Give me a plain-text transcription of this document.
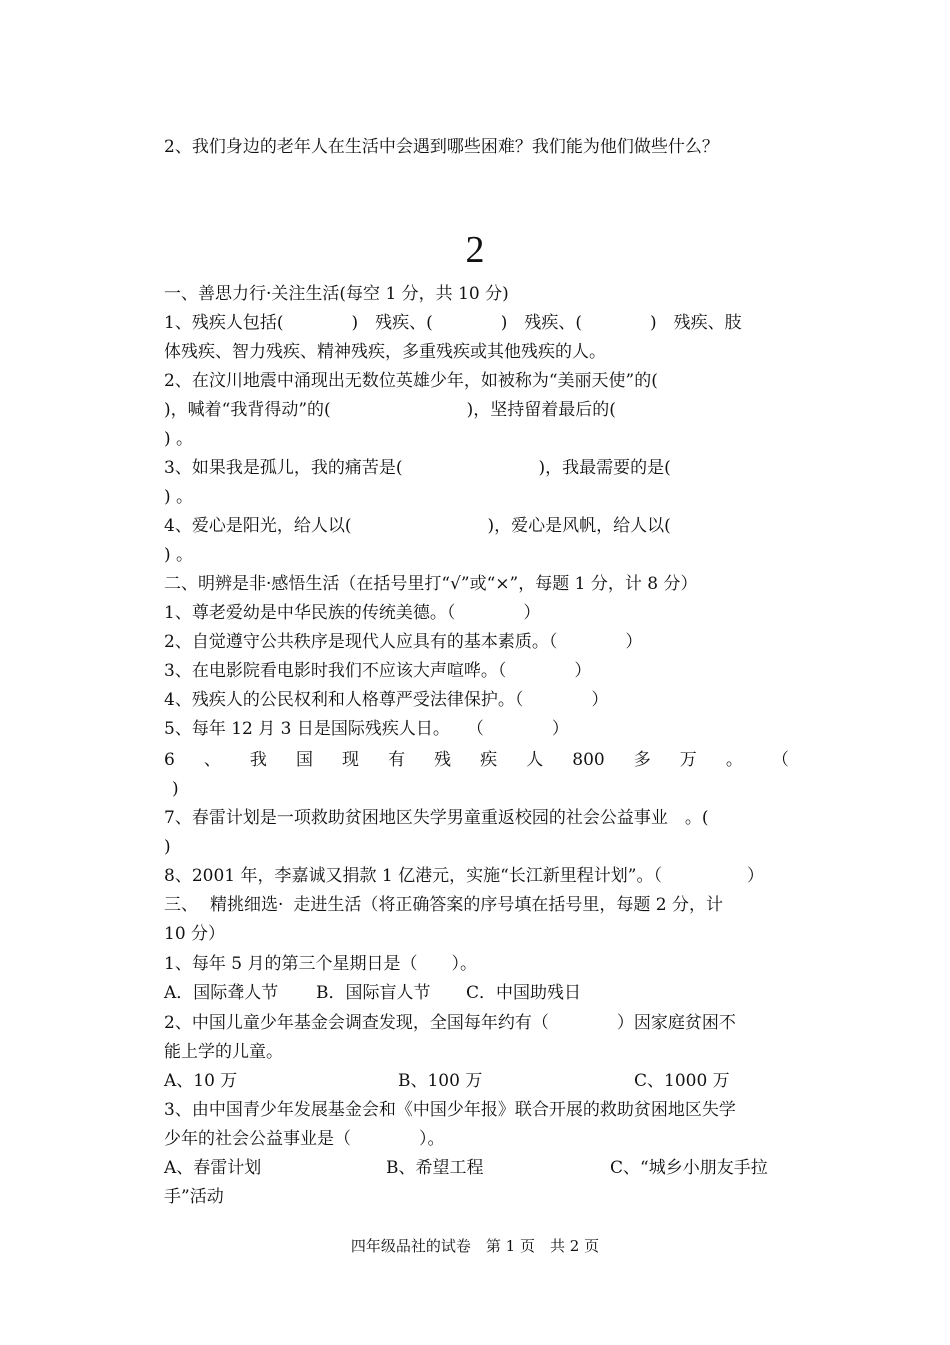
2、我们身边的老年人在生活中会遇到哪些困难？我们能为他们做些什么？
2
一、善思力行·关注生活(每空 1 分，共 10 分)
1、残疾人包括(　　　　)　残疾、(　　　　)　残疾、(　　　　)　残疾、肢
体残疾、智力残疾、精神残疾，多重残疾或其他残疾的人。
2、在汶川地震中涌现出无数位英雄少年，如被称为“美丽天使”的(
)，喊着“我背得动”的(　　　　　　　　)，坚持留着最后的(
) 。
3、如果我是孤儿，我的痛苦是(　　　　　　　　)，我最需要的是(
) 。
4、爱心是阳光，给人以(　　　　　　　　)，爱心是风帆，给人以(
) 。
二、明辨是非·感悟生活（在括号里打“√”或“×”，每题 1 分，计 8 分）
1、尊老爱幼是中华民族的传统美德。（　　　　）
2、自觉遵守公共秩序是现代人应具有的基本素质。（　　　　）
3、在电影院看电影时我们不应该大声喧哗。（　　　　）
4、残疾人的公民权利和人格尊严受法律保护。（　　　　）
5、每年 12 月 3 日是国际残疾人日。　　（　　　　）
6 、 我 国 现 有 残 疾 人 800 多 万 。 （
)
7、春雷计划是一项救助贫困地区失学男童重返校园的社会公益事业　。(
)
8、2001 年，李嘉诚又捐款 1 亿港元，实施“长江新里程计划”。（　　　　　）
三、 精挑细选· 走进生活（将正确答案的序号填在括号里，每题 2 分，计
10 分）
1、每年 5 月的第三个星期日是（　　）。
A．国际聋人节 B．国际盲人节 C．中国助残日
2、中国儿童少年基金会调查发现，全国每年约有（　　　　）因家庭贫困不
能上学的儿童。
A、10 万	B、100 万	C、1000 万
3、由中国青少年发展基金会和《中国少年报》联合开展的救助贫困地区失学
少年的社会公益事业是（　　　　）。
A、春雷计划	B、希望工程	C、“城乡小朋友手拉
手”活动
四年级品社的试卷　第 1 页　共 2 页
